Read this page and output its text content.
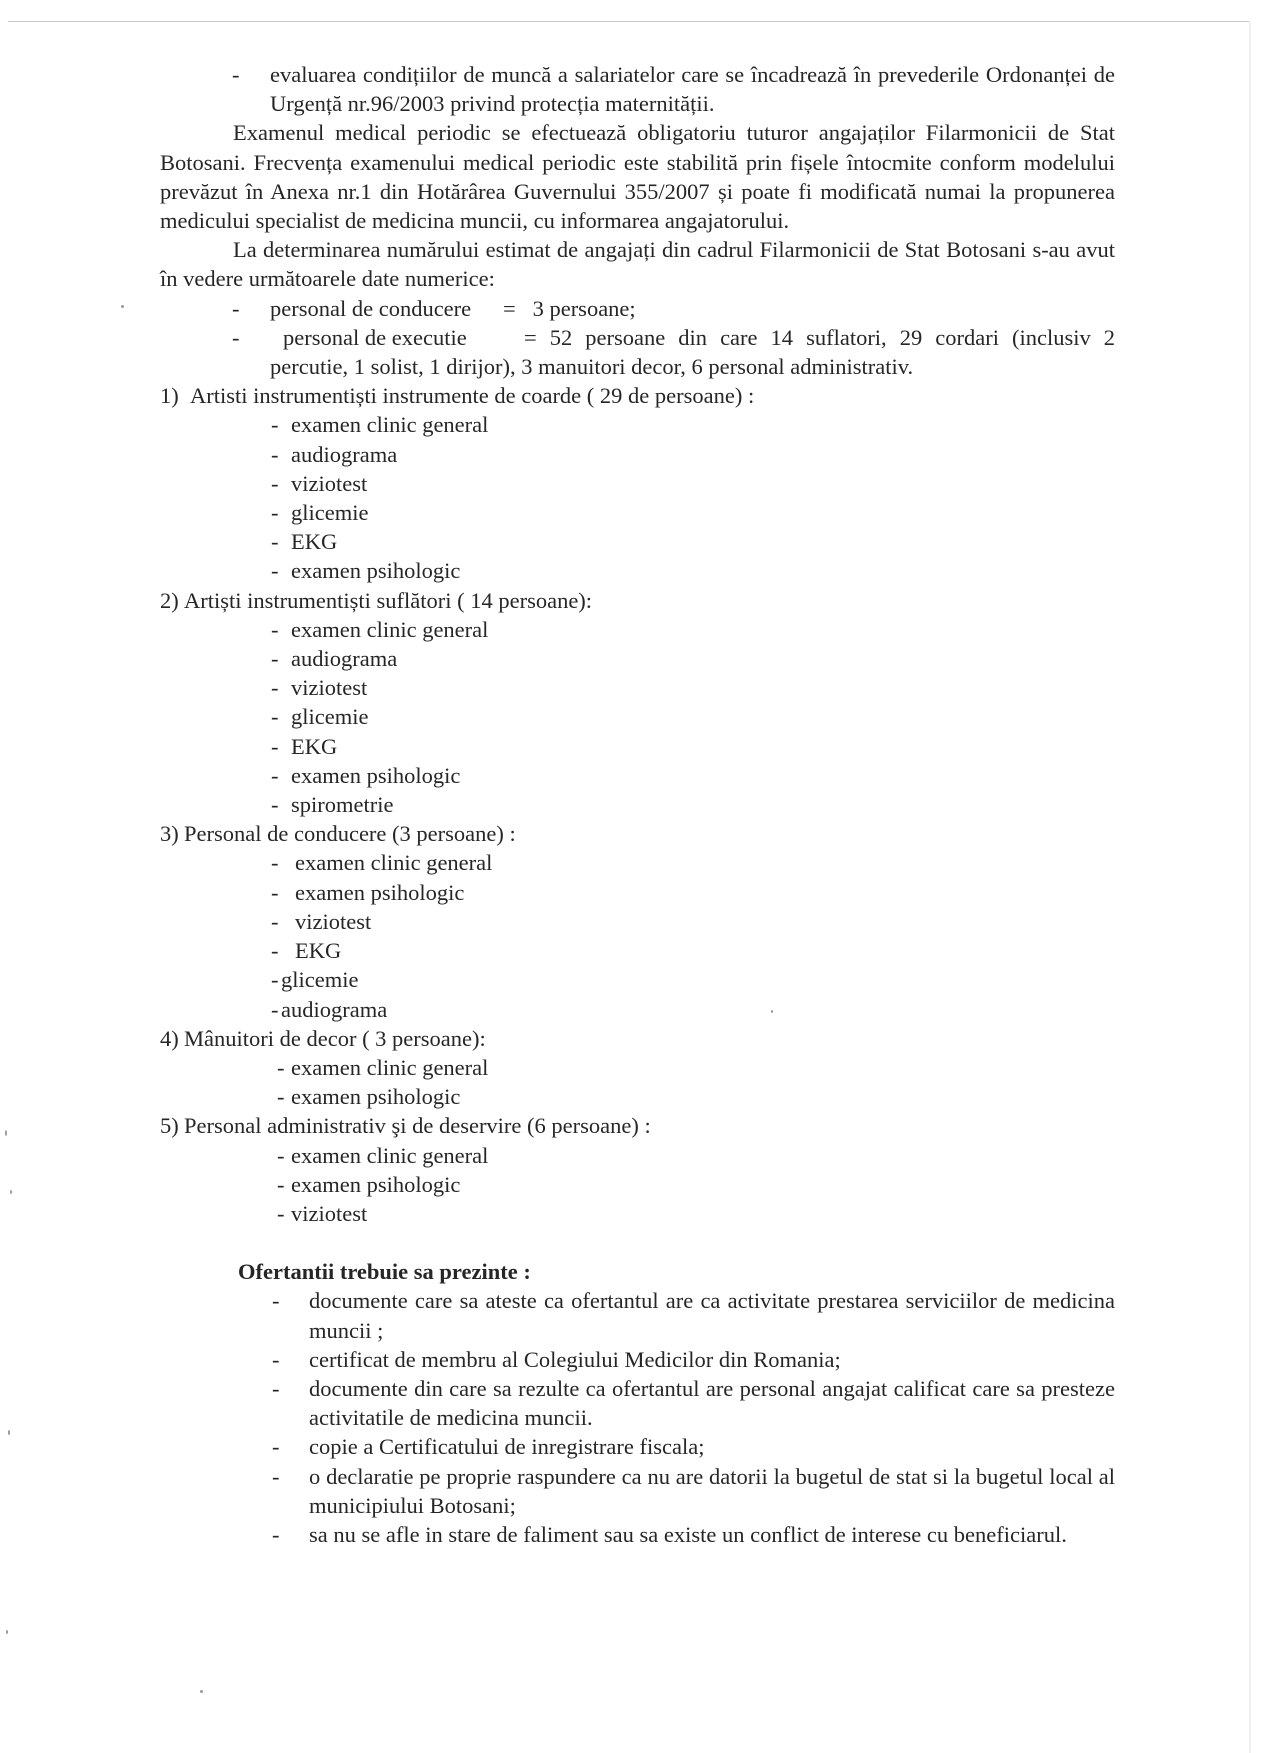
-	evaluarea condițiilor de muncă a salariatelor care se încadrează în prevederile Ordonanței de Urgență nr.96/2003 privind protecția maternității.

Examenul medical periodic se efectuează obligatoriu tuturor angajaților Filarmonicii de Stat Botosani. Frecvența examenului medical periodic este stabilită prin fișele întocmite conform modelului prevăzut în Anexa nr.1 din Hotărârea Guvernului 355/2007 și poate fi modificată numai la propunerea medicului specialist de medicina muncii, cu informarea angajatorului.

La determinarea numărului estimat de angajați din cadrul Filarmonicii de Stat Botosani s-au avut în vedere următoarele date numerice:

-	personal de conducere = 3 persoane;
-	personal de executie	= 52 persoane din care 14 suflatori, 29 cordari (inclusiv 2 percutie, 1 solist, 1 dirijor), 3 manuitori decor, 6 personal administrativ.
1) Artisti instrumentiști instrumente de coarde ( 29 de persoane) :
- examen clinic general
- audiograma
- viziotest
- glicemie
- EKG
- examen psihologic
2) Artiști instrumentiști suflători ( 14 persoane):
- examen clinic general
- audiograma
- viziotest
- glicemie
- EKG
- examen psihologic
- spirometrie
3) Personal de conducere (3 persoane) :
- examen clinic general
- examen psihologic
- viziotest
- EKG
- glicemie
- audiograma
4) Mânuitori de decor ( 3 persoane):
- examen clinic general
- examen psihologic
5) Personal administrativ şi de deservire (6 persoane) :
- examen clinic general
- examen psihologic
- viziotest
Ofertantii trebuie sa prezinte :
-	documente care sa ateste ca ofertantul are ca activitate prestarea serviciilor de medicina muncii ;
-	certificat de membru al Colegiului Medicilor din Romania;
-	documente din care sa rezulte ca ofertantul are personal angajat calificat care sa presteze activitatile de medicina muncii.
-	copie a Certificatului de inregistrare fiscala;
-	o declaratie pe proprie raspundere ca nu are datorii la bugetul de stat si la bugetul local al municipiului Botosani;
-	sa nu se afle in stare de faliment sau sa existe un conflict de interese cu beneficiarul.
